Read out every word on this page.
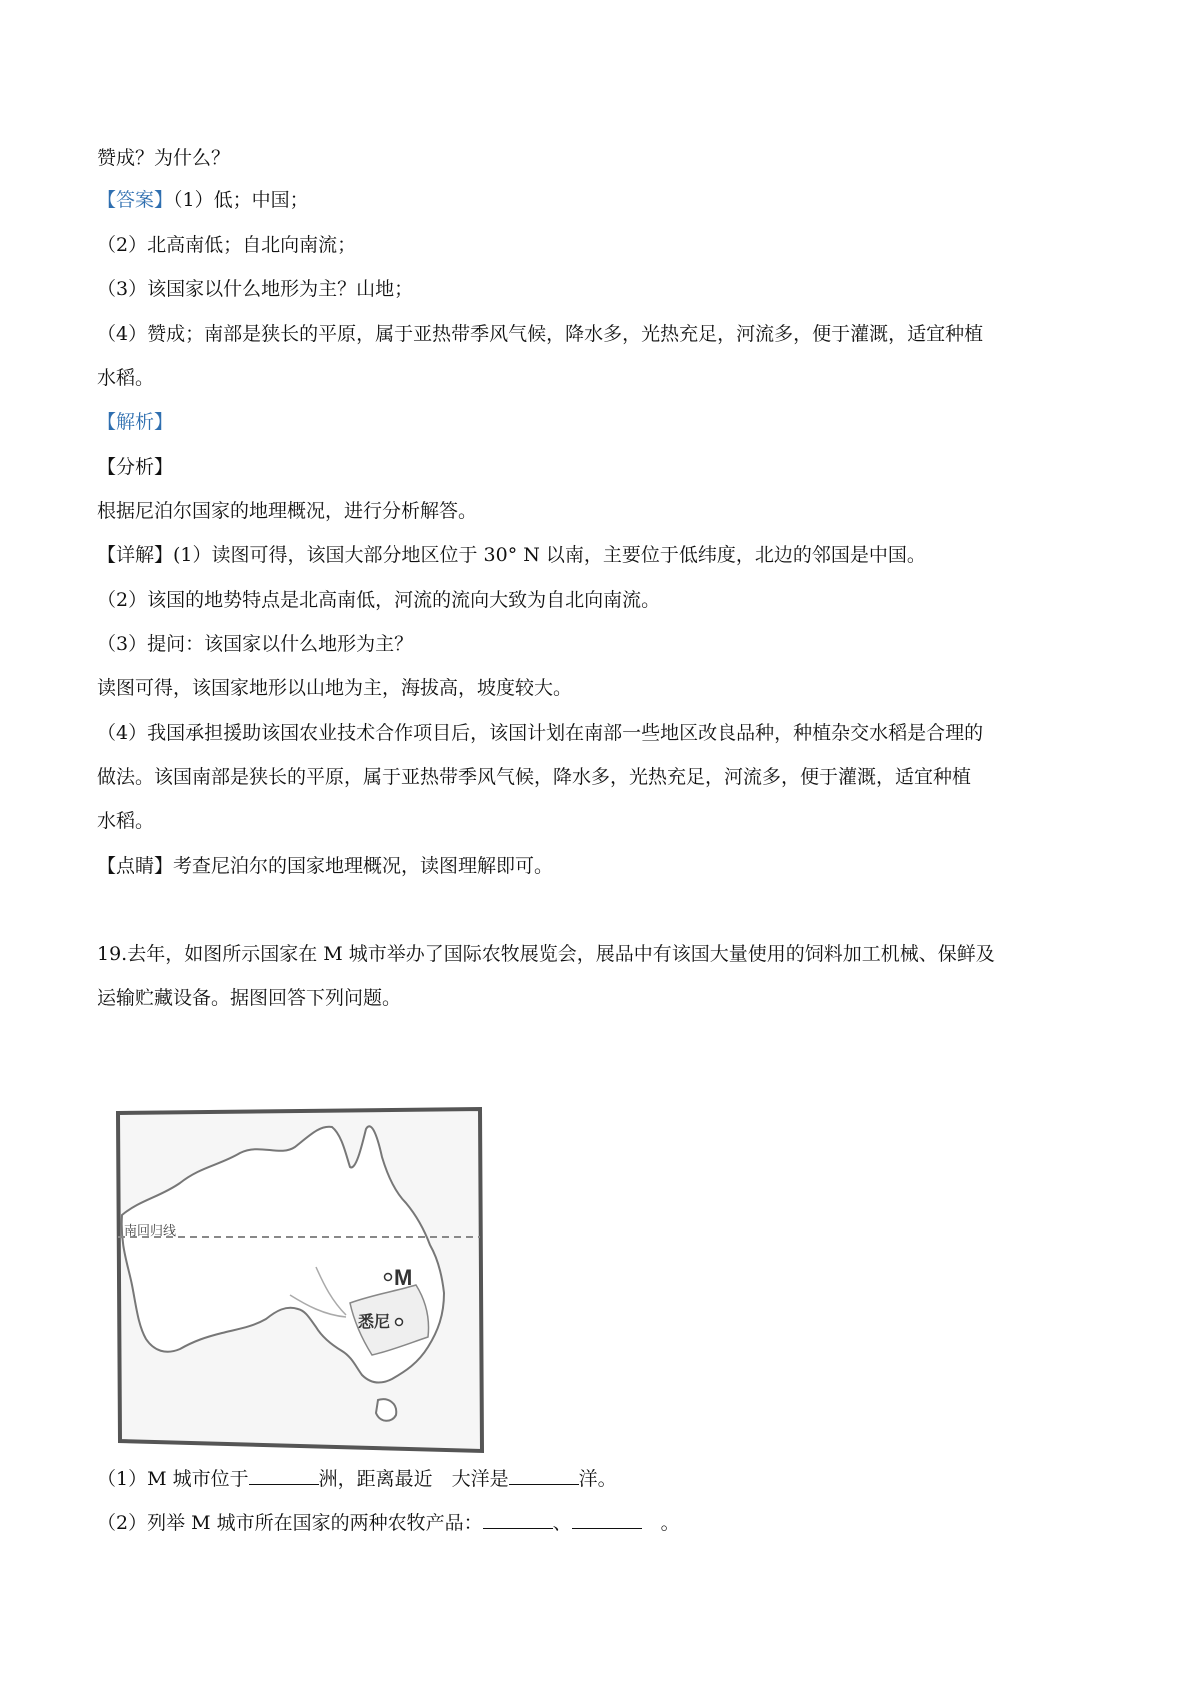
赞成？为什么？
【答案】（1）低；中国；
（2）北高南低；自北向南流；
（3）该国家以什么地形为主？山地；
（4）赞成；南部是狭长的平原，属于亚热带季风气候，降水多，光热充足，河流多，便于灌溉，适宜种植
水稻。
【解析】
【分析】
根据尼泊尔国家的地理概况，进行分析解答。
【详解】(1）读图可得，该国大部分地区位于 30° N 以南，主要位于低纬度，北边的邻国是中国。
（2）该国的地势特点是北高南低，河流的流向大致为自北向南流。
（3）提问：该国家以什么地形为主？
读图可得，该国家地形以山地为主，海拔高，坡度较大。
（4）我国承担援助该国农业技术合作项目后，该国计划在南部一些地区改良品种，种植杂交水稻是合理的
做法。该国南部是狭长的平原，属于亚热带季风气候，降水多，光热充足，河流多，便于灌溉，适宜种植
水稻。
【点睛】考查尼泊尔的国家地理概况，读图理解即可。
19.去年，如图所示国家在 M 城市举办了国际农牧展览会，展品中有该国大量使用的饲料加工机械、保鲜及
运输贮藏设备。据图回答下列问题。
南回归线
M
悉尼
（1）M 城市位于	洲，距离最近　大洋是	洋。
（2）列举 M 城市所在国家的两种农牧产品：	、	　。
